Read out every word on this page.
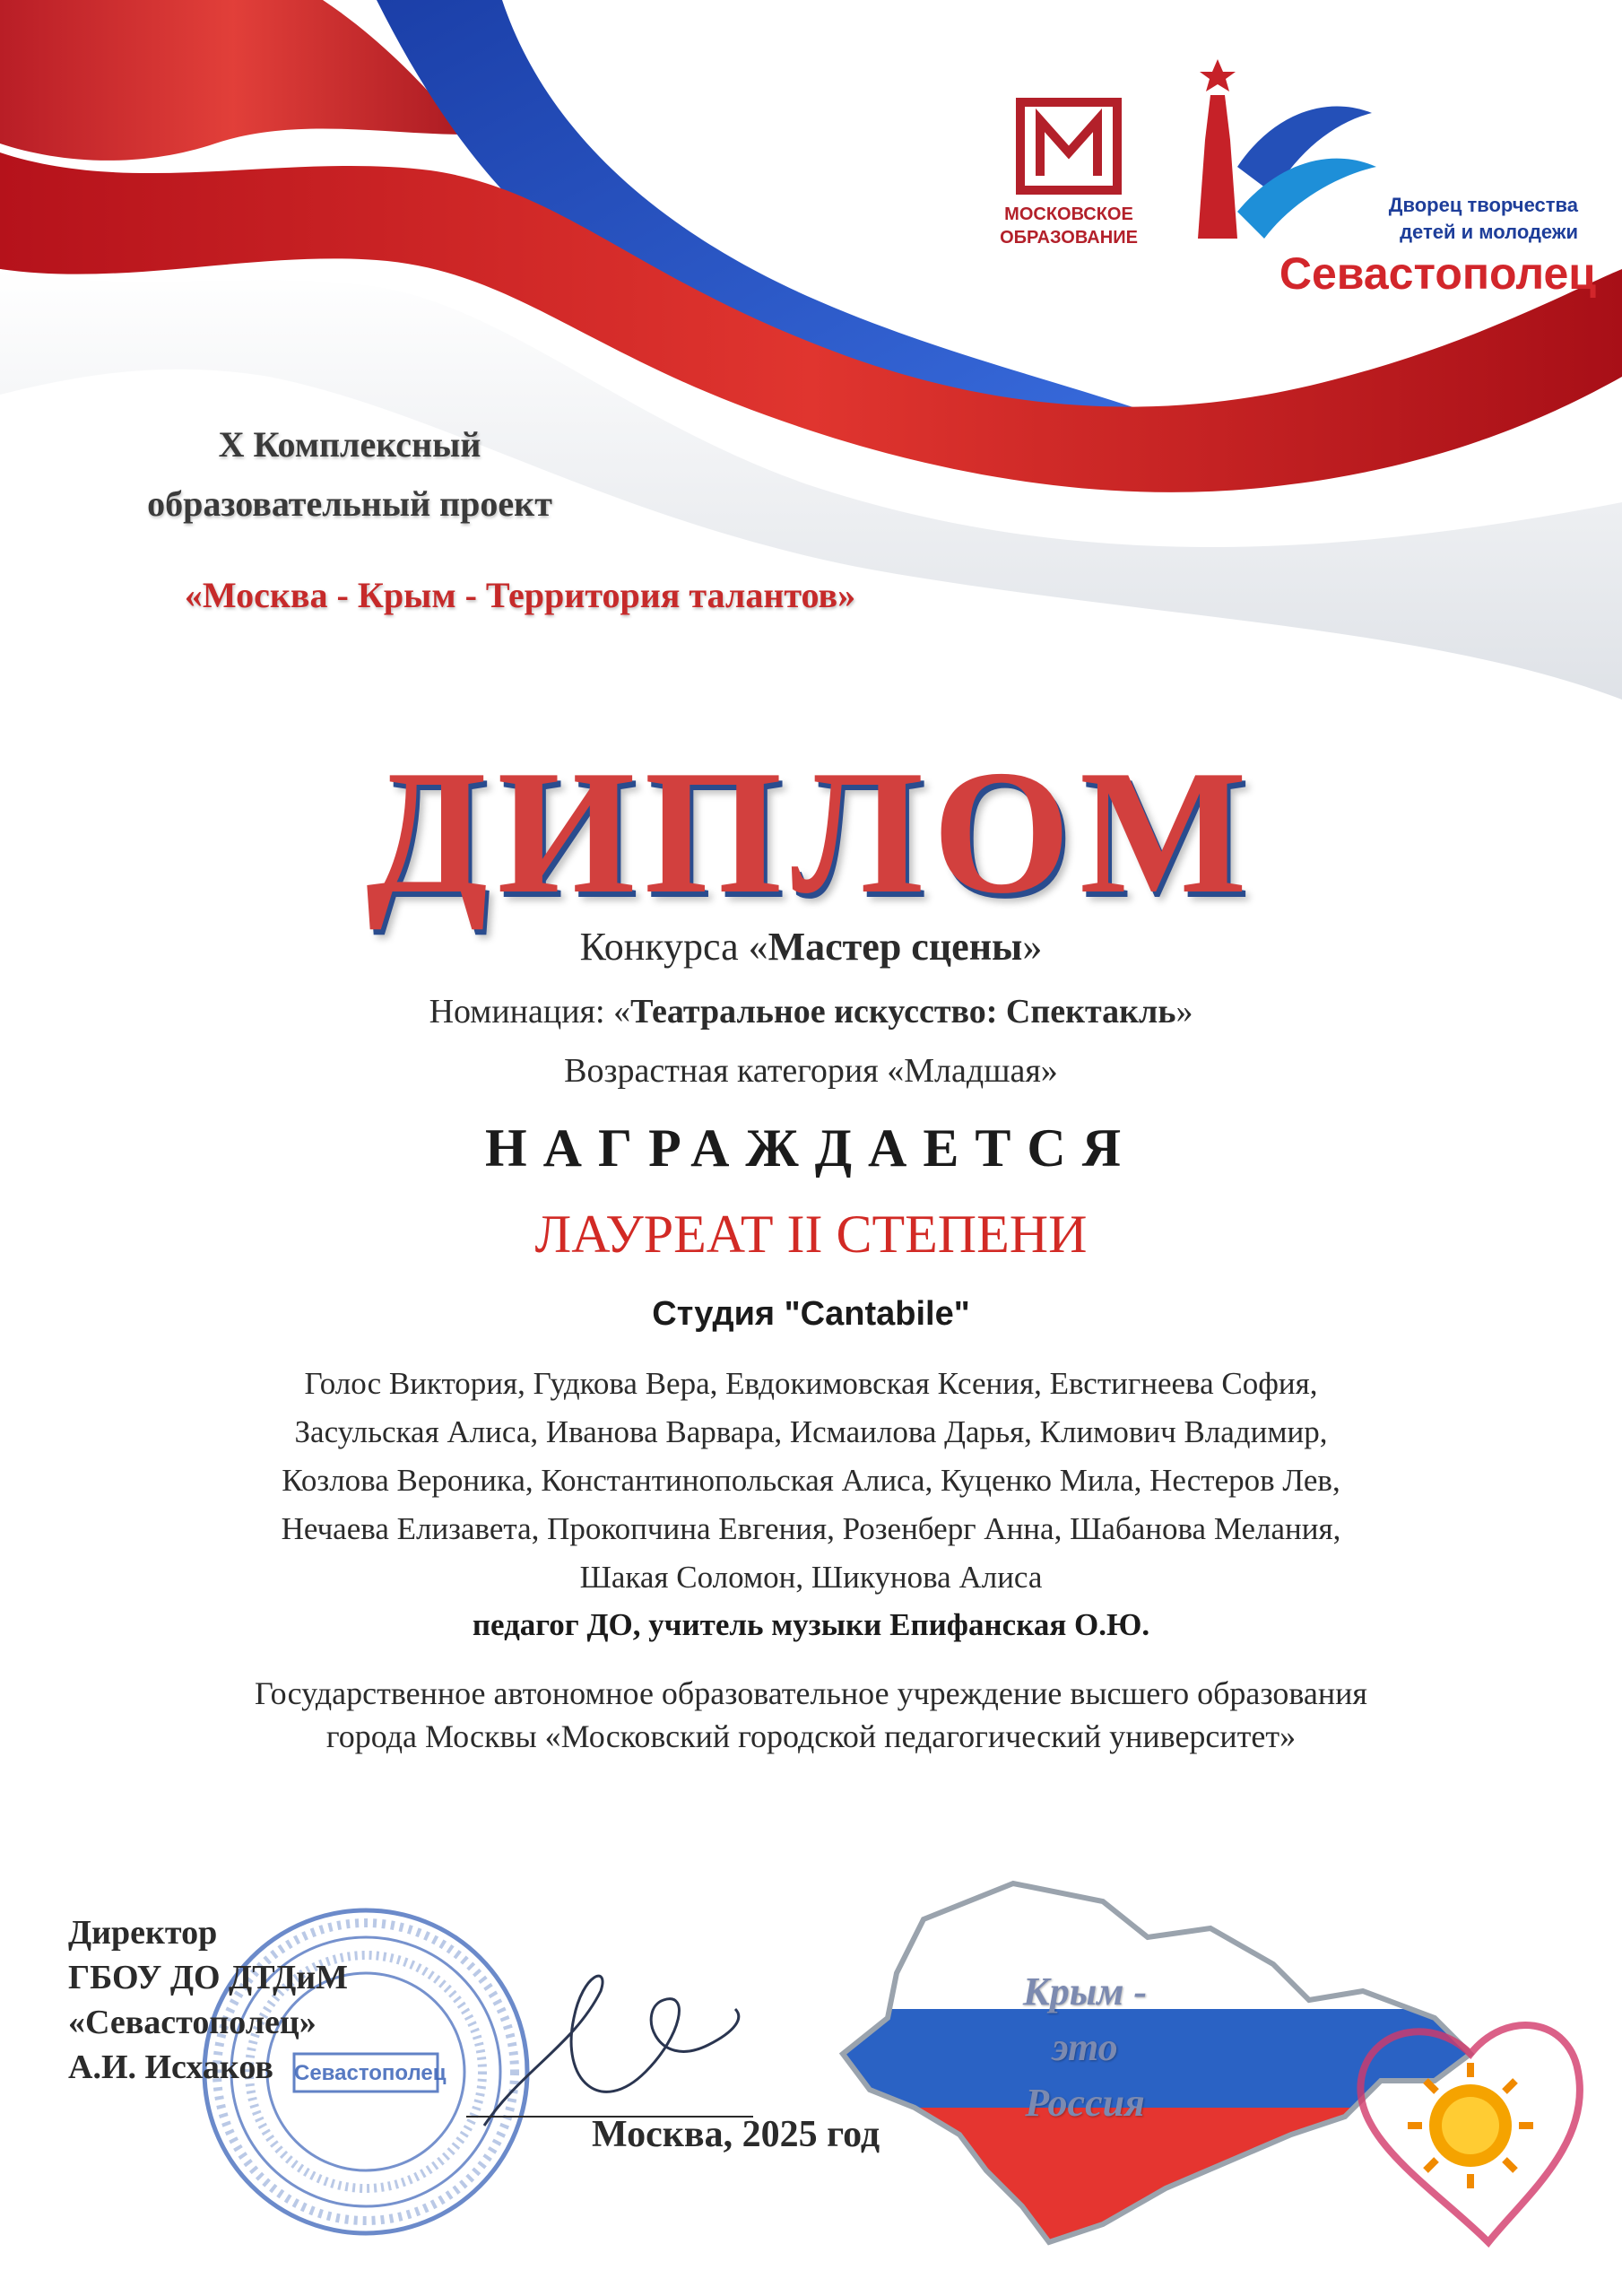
МОСКОВСКОЕ
ОБРАЗОВАНИЕ
Дворец творчества
детей и молодежи
Севастополец
X Комплексный
образовательный проект
«Москва - Крым - Территория талантов»
ДИПЛОМ
Конкурса «Мастер сцены»
Номинация: «Театральное искусство: Спектакль»
Возрастная категория «Младшая»
НАГРАЖДАЕТСЯ
ЛАУРЕАТ II СТЕПЕНИ
Студия "Cantabile"
Голос Виктория, Гудкова Вера, Евдокимовская Ксения, Евстигнеева София,
Засульская Алиса, Иванова Варвара, Исмаилова Дарья, Климович Владимир,
Козлова Вероника, Константинопольская Алиса, Куценко Мила, Нестеров Лев,
Нечаева Елизавета, Прокопчина Евгения, Розенберг Анна, Шабанова Мелания,
Шакая Соломон, Шикунова Алиса
педагог ДО, учитель музыки Епифанская О.Ю.
Государственное автономное образовательное учреждение высшего образования
города Москвы «Московский городской педагогический университет»
Севастополец
Директор
ГБОУ ДО ДТДиМ
«Севастополец»
А.И. Исхаков
Крым -
это
Россия
Москва, 2025 год
